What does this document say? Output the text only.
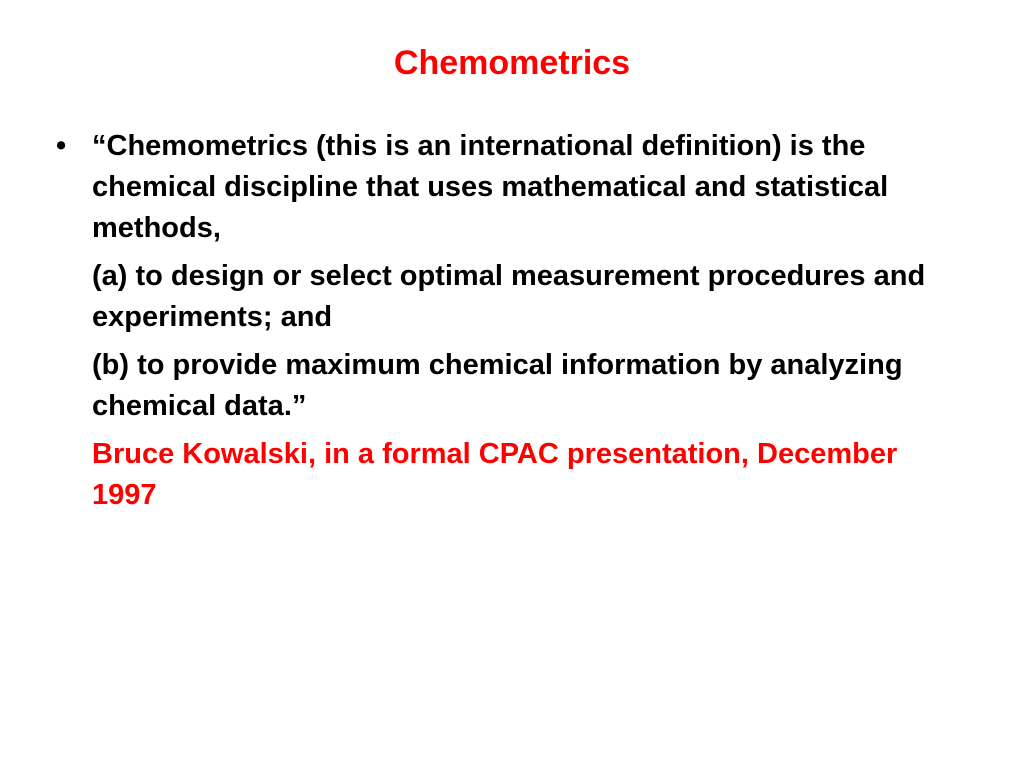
Chemometrics
• “Chemometrics (this is an international definition) is the chemical discipline that uses mathematical and statistical methods,

(a) to design or select optimal measurement procedures and experiments; and

(b) to provide maximum chemical information by analyzing chemical data.”

Bruce Kowalski, in a formal CPAC presentation, December 1997
